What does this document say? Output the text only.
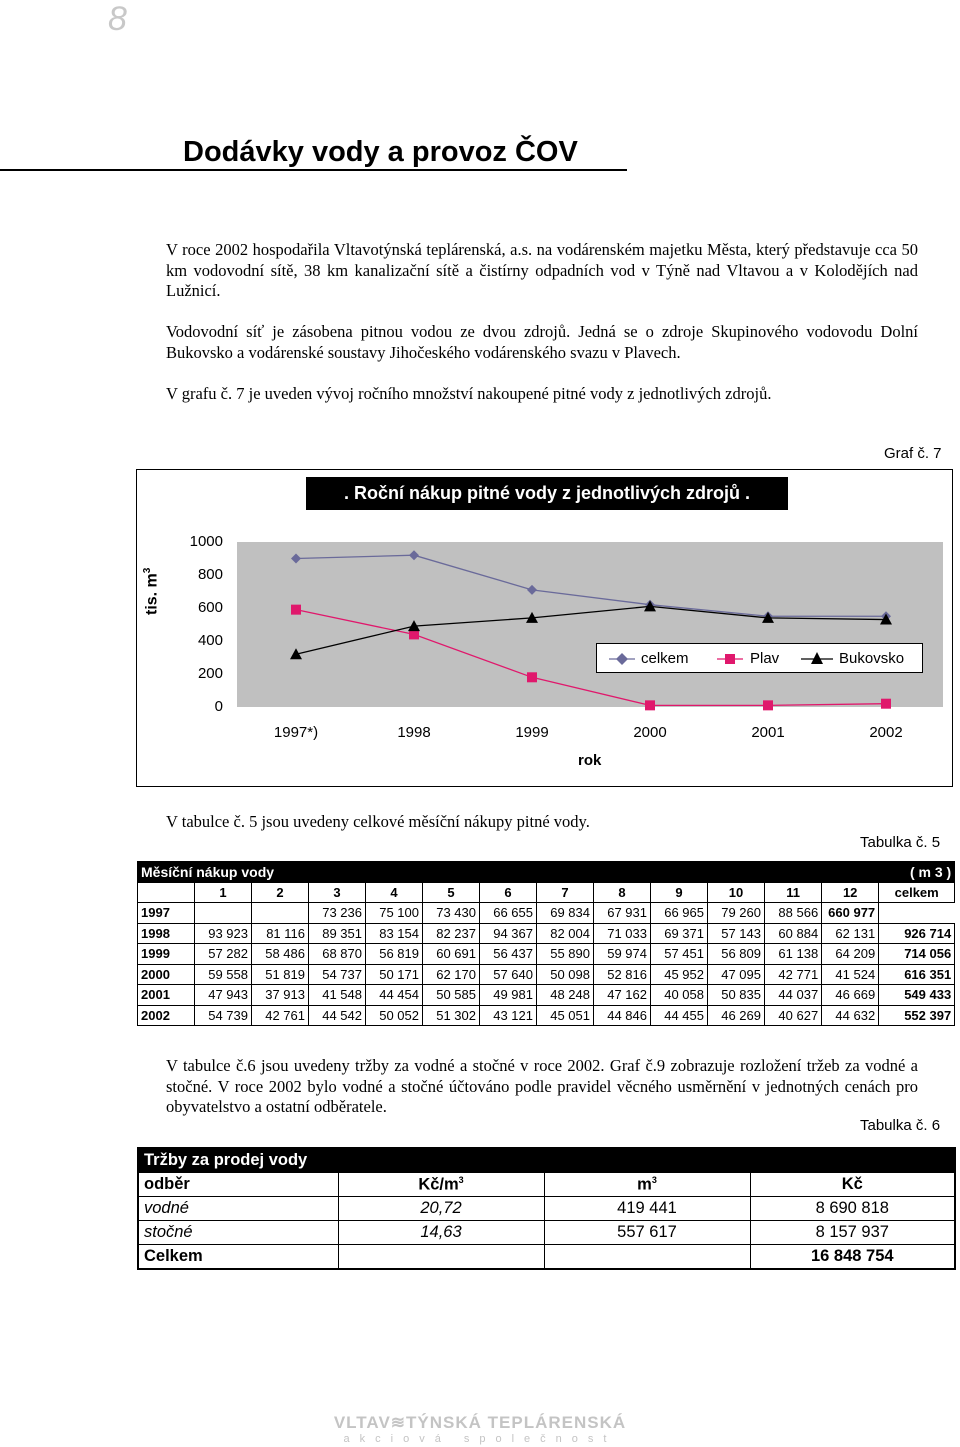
8
Dodávky vody a provoz ČOV
V roce 2002 hospodařila Vltavotýnská teplárenská, a.s. na vodárenském majetku Města, který představuje cca 50 km vodovodní sítě, 38 km kanalizační sítě a čistírny odpadních vod v Týně nad Vltavou a v Kolodějích nad Lužnicí.
Vodovodní síť je zásobena pitnou vodou ze dvou zdrojů. Jedná se o zdroje Skupinového vodovodu Dolní Bukovsko a vodárenské soustavy Jihočeského vodárenského svazu v Plavech.
V grafu č. 7 je uveden vývoj ročního množství nakoupené pitné vody z jednotlivých zdrojů.
Graf č. 7
. Roční nákup pitné vody z jednotlivých zdrojů .
tis. $m^3$
0
200
400
600
800
1000
1997*)	1998	1999	2000	2001	2002
rok
celkem	Plav	Bukovsko
V tabulce č. 5 jsou uvedeny celkové měsíční nákupy pitné vody.
Tabulka č. 5
Měsíční nákup vody												( m 3 )	
	1	2	3	4	5	6	7	8	9	10	11	12	celkem
1997			73 236	75 100	73 430	66 655	69 834	67 931	66 965	79 260	88 566	660 977	
1998	93 923	81 116	89 351	83 154	82 237	94 367	82 004	71 033	69 371	57 143	60 884	62 131	926 714
1999	57 282	58 486	68 870	56 819	60 691	56 437	55 890	59 974	57 451	56 809	61 138	64 209	714 056
2000	59 558	51 819	54 737	50 171	62 170	57 640	50 098	52 816	45 952	47 095	42 771	41 524	616 351
2001	47 943	37 913	41 548	44 454	50 585	49 981	48 248	47 162	40 058	50 835	44 037	46 669	549 433
2002	54 739	42 761	44 542	50 052	51 302	43 121	45 051	44 846	44 455	46 269	40 627	44 632	552 397
V tabulce č.6 jsou uvedeny tržby za vodné a stočné v roce 2002. Graf č.9 zobrazuje rozložení tržeb za vodné a stočné. V roce 2002 bylo vodné a stočné účtováno podle pravidel věcného usměrnění v jednotných cenách pro obyvatelstvo a ostatní odběratele.
Tabulka č. 6
Tržby za prodej vody			
odběr	$Kč/m^3$	$m^3$	Kč
vodné	20,72	419 441	8 690 818
stočné	14,63	557 617	8 157 937
Celkem			16 848 754
VLTAV≋TÝNSKÁ TEPLÁRENSKÁ
akciová společnost
